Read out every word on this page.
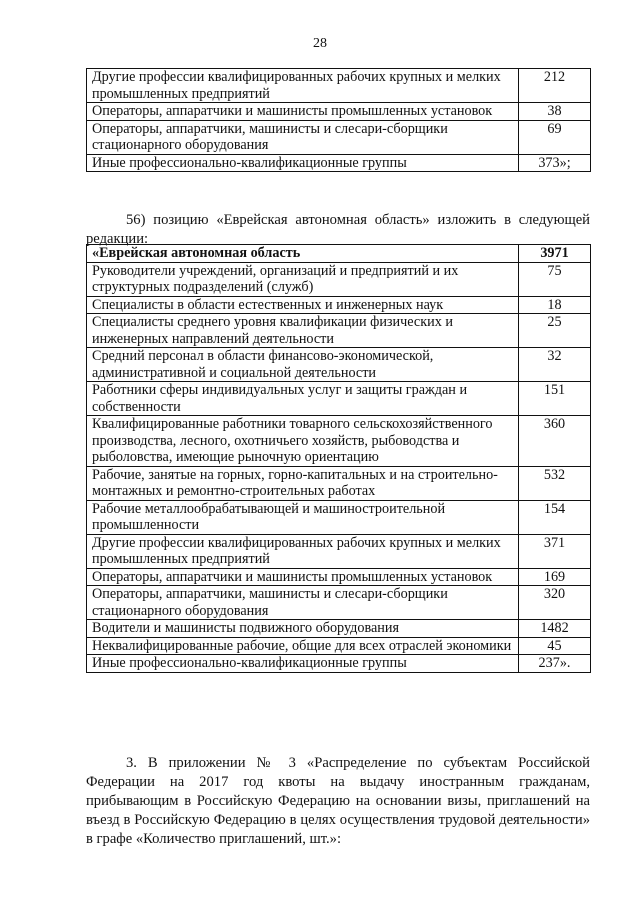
28
Другие профессии квалифицированных рабочих крупных и мелких промышленных предприятий	212
Операторы, аппаратчики и машинисты промышленных установок	38
Операторы, аппаратчики, машинисты и слесари-сборщики стационарного оборудования	69
Иные профессионально-квалификационные группы	373»;

56) позицию «Еврейская автономная область» изложить в следующей редакции:

«Еврейская автономная область	3971
Руководители учреждений, организаций и предприятий и их структурных подразделений (служб)	75
Специалисты в области естественных и инженерных наук	18
Специалисты среднего уровня квалификации физических и инженерных направлений деятельности	25
Средний персонал в области финансово-экономической, административной и социальной деятельности	32
Работники сферы индивидуальных услуг и защиты граждан и собственности	151
Квалифицированные работники товарного сельскохозяйственного производства, лесного, охотничьего хозяйств, рыбоводства и рыболовства, имеющие рыночную ориентацию	360
Рабочие, занятые на горных, горно-капитальных и на строительно-монтажных и ремонтно-строительных работах	532
Рабочие металлообрабатывающей и машиностроительной промышленности	154
Другие профессии квалифицированных рабочих крупных и мелких промышленных предприятий	371
Операторы, аппаратчики и машинисты промышленных установок	169
Операторы, аппаратчики, машинисты и слесари-сборщики стационарного оборудования	320
Водители и машинисты подвижного оборудования	1482
Неквалифицированные рабочие, общие для всех отраслей экономики	45
Иные профессионально-квалификационные группы	237».

3. В приложении № 3 «Распределение по субъектам Российской Федерации на 2017 год квоты на выдачу иностранным гражданам, прибывающим в Российскую Федерацию на основании визы, приглашений на въезд в Российскую Федерацию в целях осуществления трудовой деятельности» в графе «Количество приглашений, шт.»:
